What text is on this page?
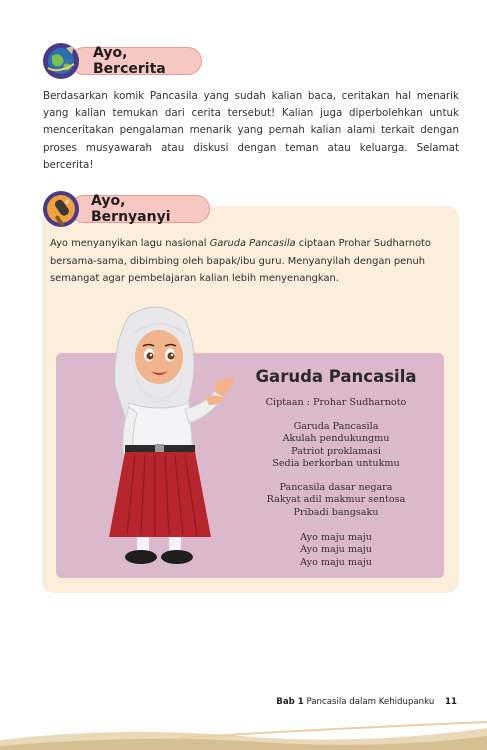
Ayo, Bercerita

Berdasarkan komik Pancasila yang sudah kalian baca, ceritakan hal menarik yang kalian temukan dari cerita tersebut! Kalian juga diperbolehkan untuk menceritakan pengalaman menarik yang pernah kalian alami terkait dengan proses musyawarah atau diskusi dengan teman atau keluarga. Selamat bercerita!

Ayo, Bernyanyi

Ayo menyanyikan lagu nasional Garuda Pancasila ciptaan Prohar Sudharnoto bersama-sama, dibimbing oleh bapak/ibu guru. Menyanyilah dengan penuh semangat agar pembelajaran kalian lebih menyenangkan.

Garuda Pancasila
Ciptaan : Prohar Sudharnoto
Garuda Pancasila
Akulah pendukungmu
Patriot proklamasi
Sedia berkorban untukmu
Pancasila dasar negara
Rakyat adil makmur sentosa
Pribadi bangsaku
Ayo maju maju
Ayo maju maju
Ayo maju maju
Bab 1 Pancasila dalam Kehidupanku 11
